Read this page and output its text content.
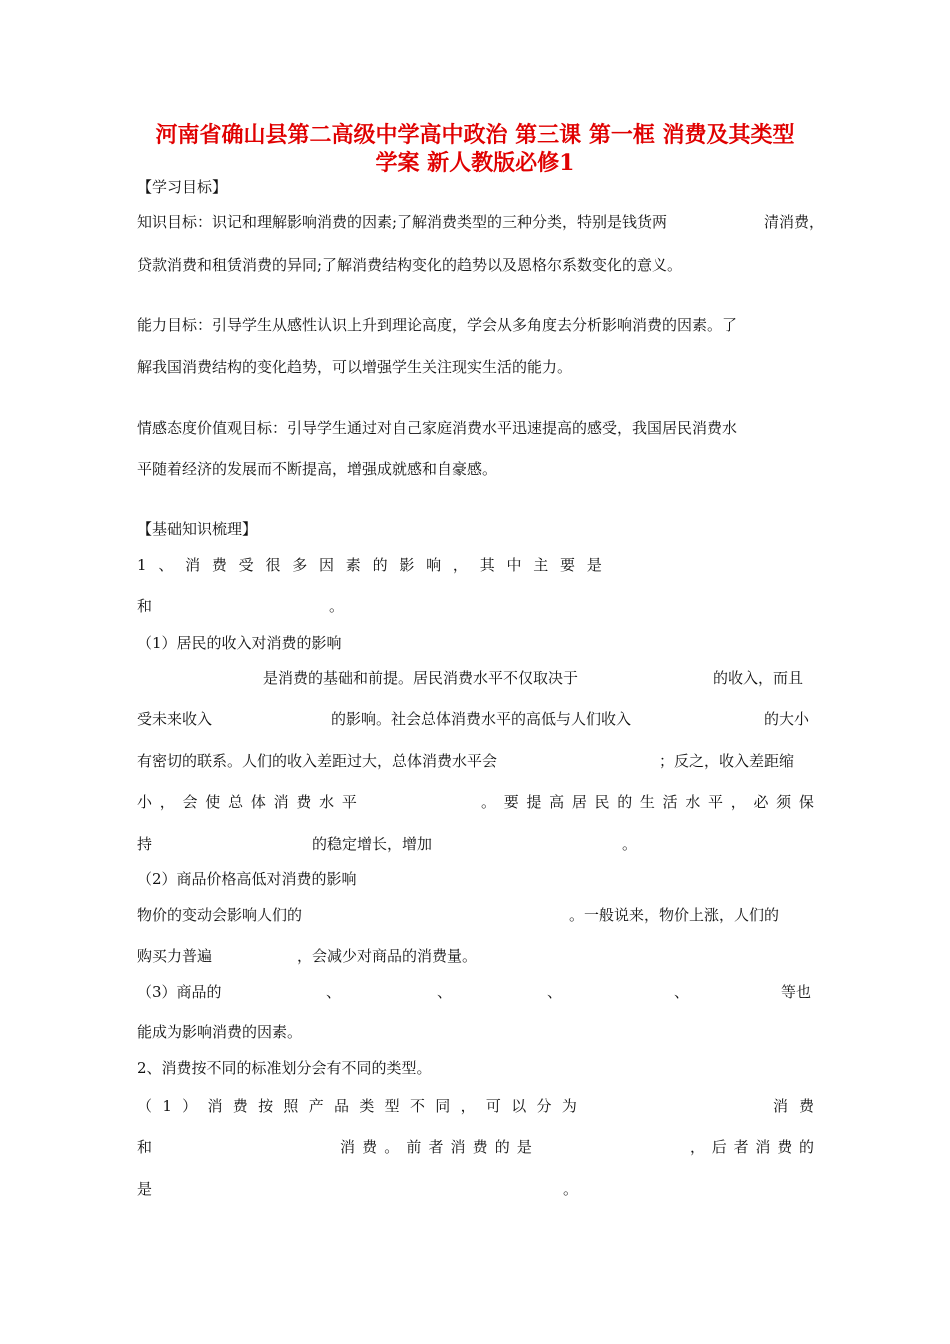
河南省确山县第二高级中学高中政治 第三课 第一框 消费及其类型
学案 新人教版必修1
【学习目标】
知识目标：识记和理解影响消费的因素;了解消费类型的三种分类，特别是钱货两	清消费，
贷款消费和租赁消费的异同;了解消费结构变化的趋势以及恩格尔系数变化的意义。
能力目标：引导学生从感性认识上升到理论高度，学会从多角度去分析影响消费的因素。了
解我国消费结构的变化趋势，可以增强学生关注现实生活的能力。
情感态度价值观目标：引导学生通过对自己家庭消费水平迅速提高的感受，我国居民消费水
平随着经济的发展而不断提高，增强成就感和自豪感。
【基础知识梳理】
1 、 消 费 受 很 多 因 素 的 影 响 ， 其 中 主 要 是
和	。
（1）居民的收入对消费的影响
是消费的基础和前提。居民消费水平不仅取决于	的收入，而且
受未来收入	的影响。社会总体消费水平的高低与人们收入	的大小
有密切的联系。人们的收入差距过大，总体消费水平会	；反之，收入差距缩
小 ， 会 使 总 体 消 费 水 平	。 要 提 高 居 民 的 生 活 水 平 ， 必 须 保
持	的稳定增长，增加	。
（2）商品价格高低对消费的影响
物价的变动会影响人们的	。一般说来，物价上涨，人们的
购买力普遍	，会减少对商品的消费量。
（3）商品的	、	、	、	、	等也
能成为影响消费的因素。
2、消费按不同的标准划分会有不同的类型。
（ 1 ） 消 费 按 照 产 品 类 型 不 同 ， 可 以 分 为	消 费
和	消 费 。 前 者 消 费 的 是	， 后 者 消 费 的
是	。
